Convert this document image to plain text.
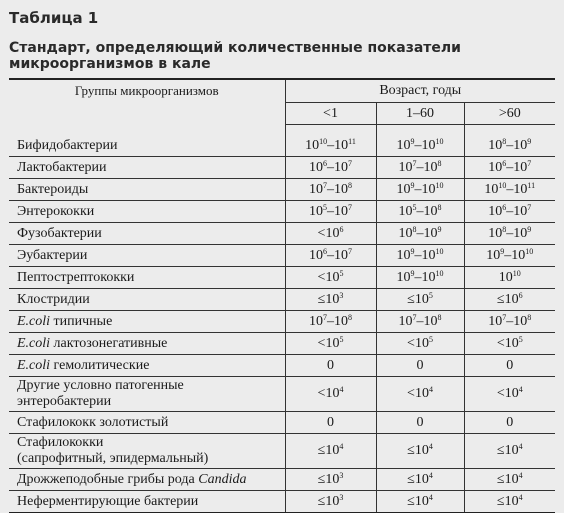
Таблица 1
Стандарт, определяющий количественные показатели
микроорганизмов в кале
Группы микроорганизмов	Возраст, годы		
	<1	1–60	>60

Бифидобактерии	$10^{10}-10^{11}$	$10^9-10^{10}$	$10^8-10^9$
Лактобактерии	$10^6-10^7$	$10^7-10^8$	$10^6-10^7$
Бактероиды	$10^7-10^8$	$10^9-10^{10}$	$10^{10}-10^{11}$
Энтерококки	$10^5-10^7$	$10^5-10^8$	$10^6-10^7$
Фузобактерии	$<10^6$	$10^8-10^9$	$10^8-10^9$
Эубактерии	$10^6-10^7$	$10^9-10^{10}$	$10^9-10^{10}$
Пептострептококки	$<10^5$	$10^9-10^{10}$	$10^{10}$
Клостридии	$\le 10^3$	$\le 10^5$	$\le 10^6$
E.coli типичные	$10^7-10^8$	$10^7-10^8$	$10^7-10^8$
E.coli лактозонегативные	$<10^5$	$<10^5$	$<10^5$
E.coli гемолитические	0	0	0

Другие условно патогенные
энтеробактерии	$<10^4$	$<10^4$	$<10^4$
Стафилококк золотистый	0	0	0

Стафилококки
(сапрофитный, эпидермальный)	$\le 10^4$	$\le 10^4$	$\le 10^4$
Дрожжеподобные грибы рода Candida	$\le 10^3$	$\le 10^4$	$\le 10^4$
Неферментирующие бактерии	$\le 10^3$	$\le 10^4$	$\le 10^4$
